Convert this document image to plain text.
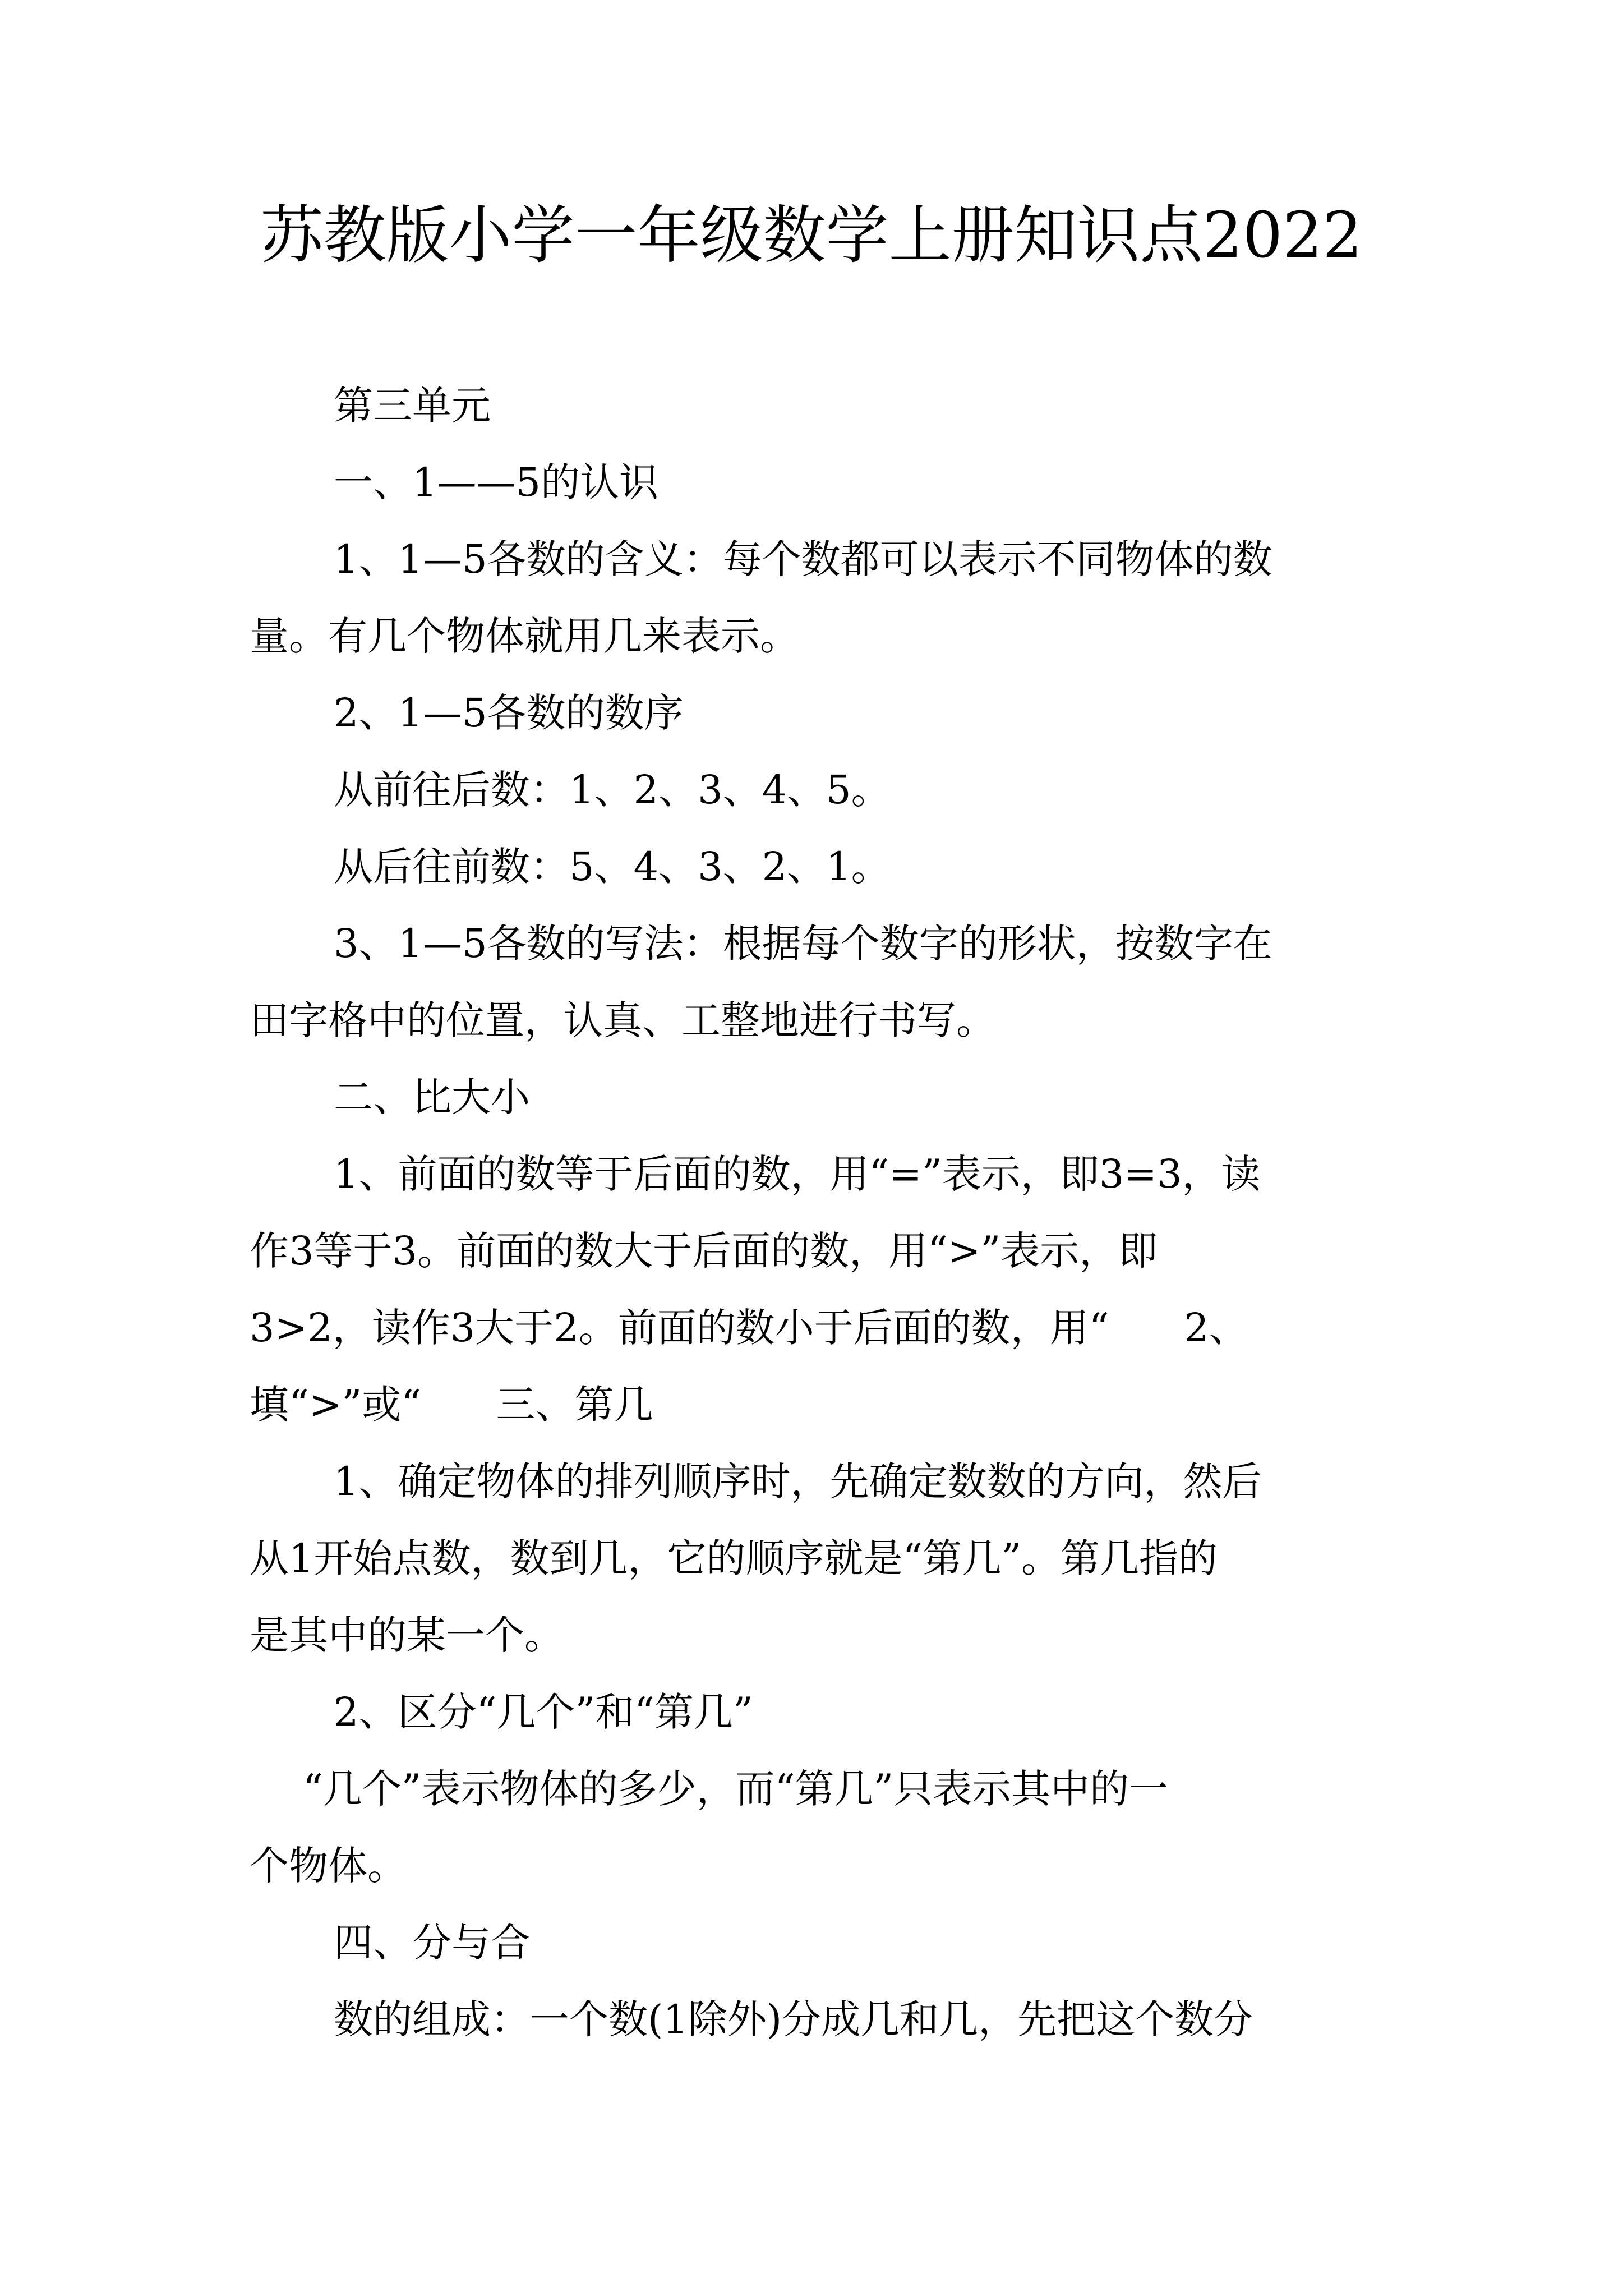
苏教版小学一年级数学上册知识点2022
第三单元
一、1——5的认识
1、1—5各数的含义：每个数都可以表示不同物体的数
量。有几个物体就用几来表示。
2、1—5各数的数序
从前往后数：1、2、3、4、5。
从后往前数：5、4、3、2、1。
3、1—5各数的写法：根据每个数字的形状，按数字在
田字格中的位置，认真、工整地进行书写。
二、比大小
1、前面的数等于后面的数，用“=”表示，即3=3，读
作3等于3。前面的数大于后面的数，用“>”表示，即
3>2，读作3大于2。前面的数小于后面的数，用“      2、
填“>”或“      三、第几
1、确定物体的排列顺序时，先确定数数的方向，然后
从1开始点数，数到几，它的顺序就是“第几”。第几指的
是其中的某一个。
2、区分“几个”和“第几”
“几个”表示物体的多少，而“第几”只表示其中的一
个物体。
四、分与合
数的组成：一个数(1除外)分成几和几，先把这个数分
